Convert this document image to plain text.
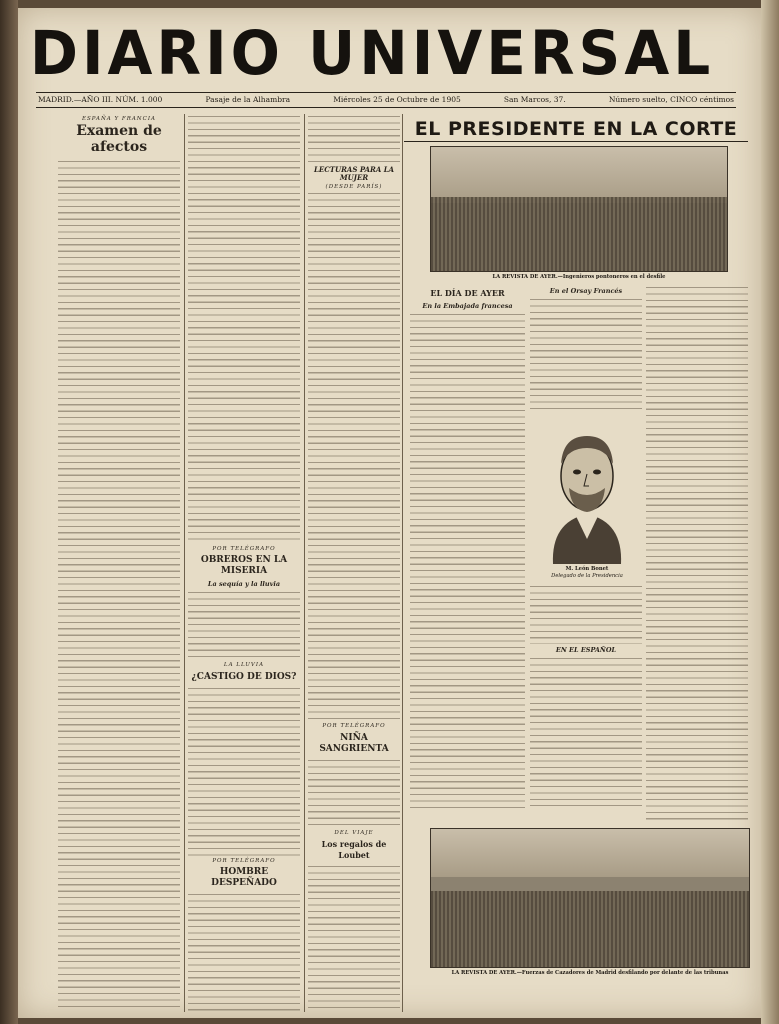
DIARIO UNIVERSAL
MADRID.—AÑO III. NÚM. 1.000	Pasaje de la Alhambra	Miércoles 25 de Octubre de 1905	San Marcos, 37.	Número suelto, CINCO céntimos
ESPAÑA Y FRANCIA
Examen de afectos
POR TELÉGRAFO
OBREROS EN LA MISERIA
La sequía y la lluvia
LA LLUVIA
¿CASTIGO DE DIOS?
POR TELÉGRAFO
HOMBRE DESPEÑADO
LECTURAS PARA LA MUJER
(DESDE PARÍS)
POR TELÉGRAFO
NIÑA SANGRIENTA
DEL VIAJE
Los regalos de Loubet
EL PRESIDENTE EN LA CORTE
LA REVISTA DE AYER.—Ingenieros pontoneros en el desfile
EL DÍA DE AYER
En la Embajada francesa
En el Orsay Francés
M. León Bonet
Delegado de la Presidencia
EN EL ESPAÑOL
LA REVISTA DE AYER.—Fuerzas de Cazadores de Madrid desfilando por delante de las tribunas
